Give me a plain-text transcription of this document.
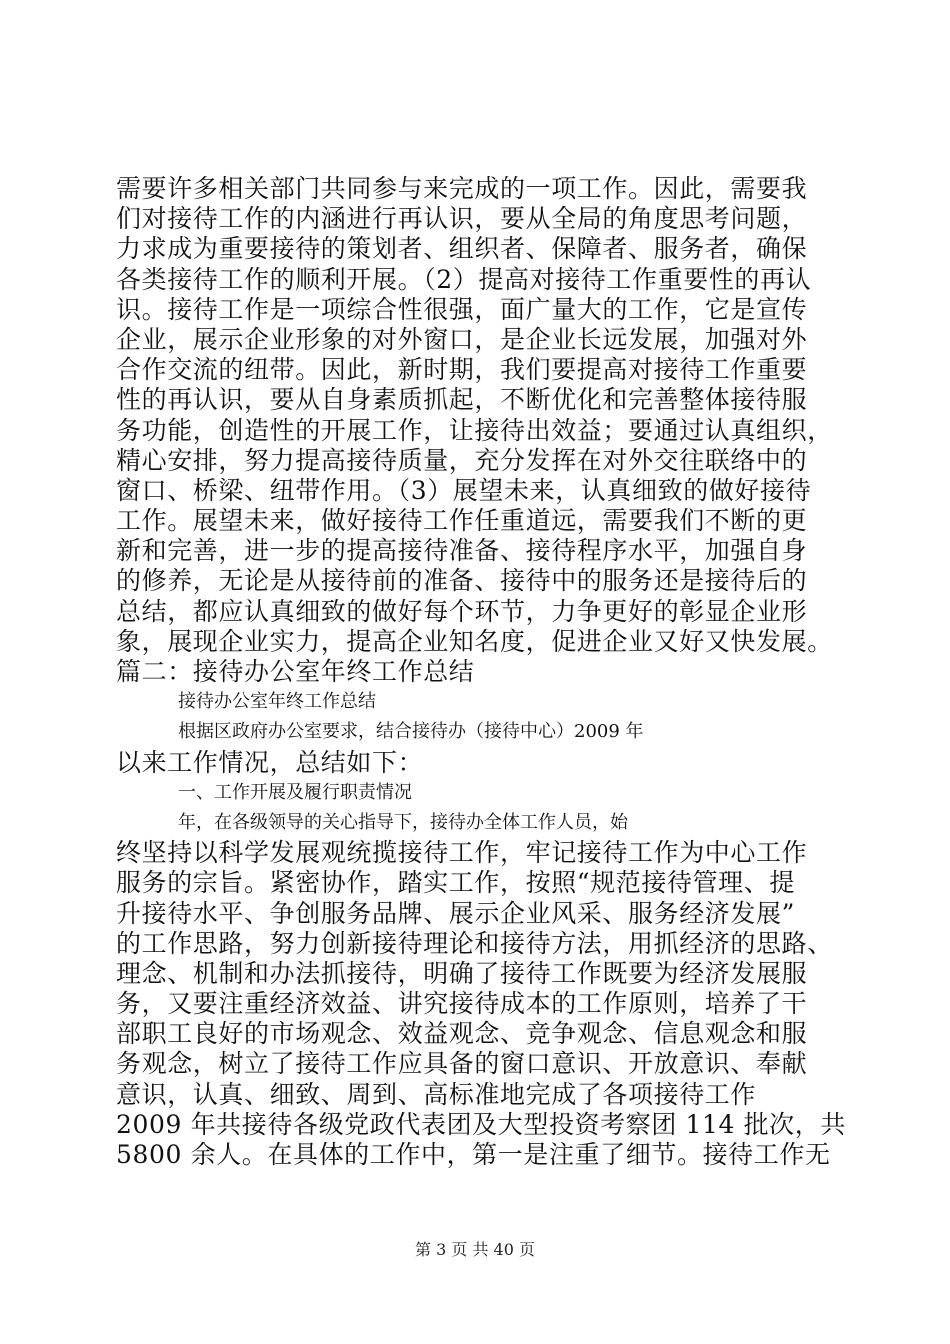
需要许多相关部门共同参与来完成的一项工作。因此，需要我
们对接待工作的内涵进行再认识，要从全局的角度思考问题，
力求成为重要接待的策划者、组织者、保障者、服务者，确保
各类接待工作的顺利开展。（2）提高对接待工作重要性的再认
识。接待工作是一项综合性很强，面广量大的工作，它是宣传
企业，展示企业形象的对外窗口，是企业长远发展，加强对外
合作交流的纽带。因此，新时期，我们要提高对接待工作重要
性的再认识，要从自身素质抓起，不断优化和完善整体接待服
务功能，创造性的开展工作，让接待出效益；要通过认真组织，
精心安排，努力提高接待质量，充分发挥在对外交往联络中的
窗口、桥梁、纽带作用。（3）展望未来，认真细致的做好接待
工作。展望未来，做好接待工作任重道远，需要我们不断的更
新和完善，进一步的提高接待准备、接待程序水平，加强自身
的修养，无论是从接待前的准备、接待中的服务还是接待后的
总结，都应认真细致的做好每个环节，力争更好的彰显企业形
象，展现企业实力，提高企业知名度，促进企业又好又快发展。
篇二：接待办公室年终工作总结
接待办公室年终工作总结
根据区政府办公室要求，结合接待办（接待中心）2009 年
以来工作情况，总结如下：
一、工作开展及履行职责情况
年，在各级领导的关心指导下，接待办全体工作人员，始
终坚持以科学发展观统揽接待工作，牢记接待工作为中心工作
服务的宗旨。紧密协作，踏实工作，按照“规范接待管理、提
升接待水平、争创服务品牌、展示企业风采、服务经济发展”
的工作思路，努力创新接待理论和接待方法，用抓经济的思路、
理念、机制和办法抓接待，明确了接待工作既要为经济发展服
务，又要注重经济效益、讲究接待成本的工作原则，培养了干
部职工良好的市场观念、效益观念、竞争观念、信息观念和服
务观念，树立了接待工作应具备的窗口意识、开放意识、奉献
意识，认真、细致、周到、高标准地完成了各项接待工作
2009 年共接待各级党政代表团及大型投资考察团 114 批次，共
5800 余人。在具体的工作中，第一是注重了细节。接待工作无
第 3 页 共 40 页
